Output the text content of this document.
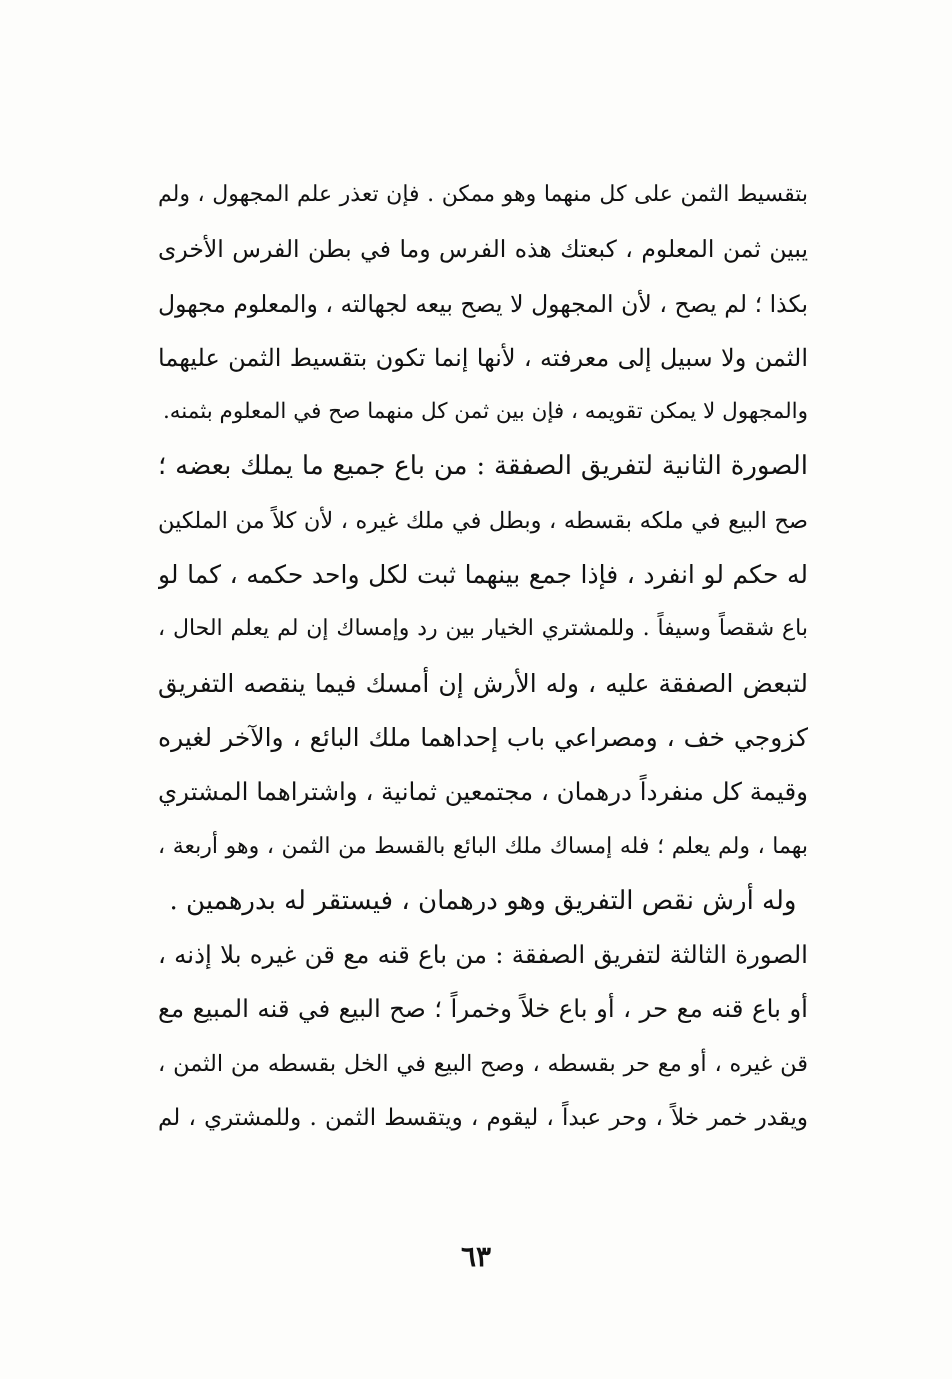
بتقسيط الثمن على كل منهما وهو ممكن . فإن تعذر علم المجهول ، ولم
يبين ثمن المعلوم ، كبعتك هذه الفرس وما في بطن الفرس الأخرى
بكذا ؛ لم يصح ، لأن المجهول لا يصح بيعه لجهالته ، والمعلوم مجهول
الثمن ولا سبيل إلى معرفته ، لأنها إنما تكون بتقسيط الثمن عليهما
والمجهول لا يمكن تقويمه ، فإن بين ثمن كل منهما صح في المعلوم بثمنه.
الصورة الثانية لتفريق الصفقة : من باع جميع ما يملك بعضه ؛
صح البيع في ملكه بقسطه ، وبطل في ملك غيره ، لأن كلاً من الملكين
له حكم لو انفرد ، فإذا جمع بينهما ثبت لكل واحد حكمه ، كما لو
باع شقصاً وسيفاً . وللمشتري الخيار بين رد وإمساك إن لم يعلم الحال ،
لتبعض الصفقة عليه ، وله الأرش إن أمسك فيما ينقصه التفريق
كزوجي خف ، ومصراعي باب إحداهما ملك البائع ، والآخر لغيره
وقيمة كل منفرداً درهمان ، مجتمعين ثمانية ، واشتراهما المشتري
بهما ، ولم يعلم ؛ فله إمساك ملك البائع بالقسط من الثمن ، وهو أربعة ،
وله أرش نقص التفريق وهو درهمان ، فيستقر له بدرهمين .
الصورة الثالثة لتفريق الصفقة : من باع قنه مع قن غيره بلا إذنه ،
أو باع قنه مع حر ، أو باع خلاً وخمراً ؛ صح البيع في قنه المبيع مع
قن غيره ، أو مع حر بقسطه ، وصح البيع في الخل بقسطه من الثمن ،
ويقدر خمر خلاً ، وحر عبداً ، ليقوم ، ويتقسط الثمن . وللمشتري ، لم
٦٣
